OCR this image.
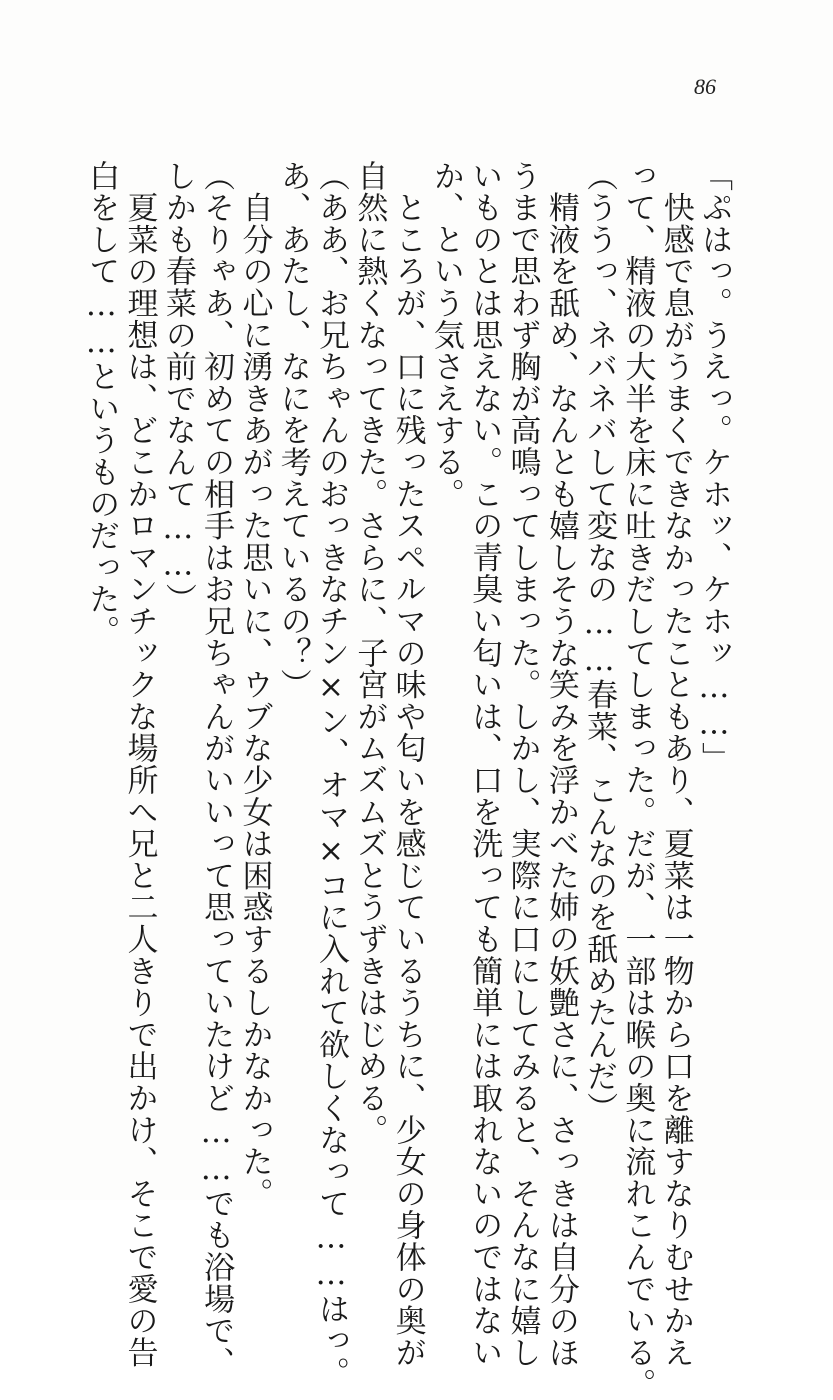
86
「ぷはっ。うえっ。ケホッ、ケホッ……」
　快感で息がうまくできなかったこともあり、夏菜は一物から口を離すなりむせかえ
って、精液の大半を床に吐きだしてしまった。だが、一部は喉の奥に流れこんでいる。
（ううっ、ネバネバして変なの……春菜、こんなのを舐めたんだ）
　精液を舐め、なんとも嬉しそうな笑みを浮かべた姉の妖艶さに、さっきは自分のほ
うまで思わず胸が高鳴ってしまった。しかし、実際に口にしてみると、そんなに嬉し
いものとは思えない。この青臭い匂いは、口を洗っても簡単には取れないのではない
か、という気さえする。
　ところが、口に残ったスペルマの味や匂いを感じているうちに、少女の身体の奥が
自然に熱くなってきた。さらに、子宮がムズムズとうずきはじめる。
（ああ、お兄ちゃんのおっきなチン×ン、オマ×コに入れて欲しくなって……はっ。
あ、あたし、なにを考えているの？）
　自分の心に湧きあがった思いに、ウブな少女は困惑するしかなかった。
（そりゃあ、初めての相手はお兄ちゃんがいいって思っていたけど……でも浴場で、
しかも春菜の前でなんて……）
　夏菜の理想は、どこかロマンチックな場所へ兄と二人きりで出かけ、そこで愛の告
白をして……というものだった。
